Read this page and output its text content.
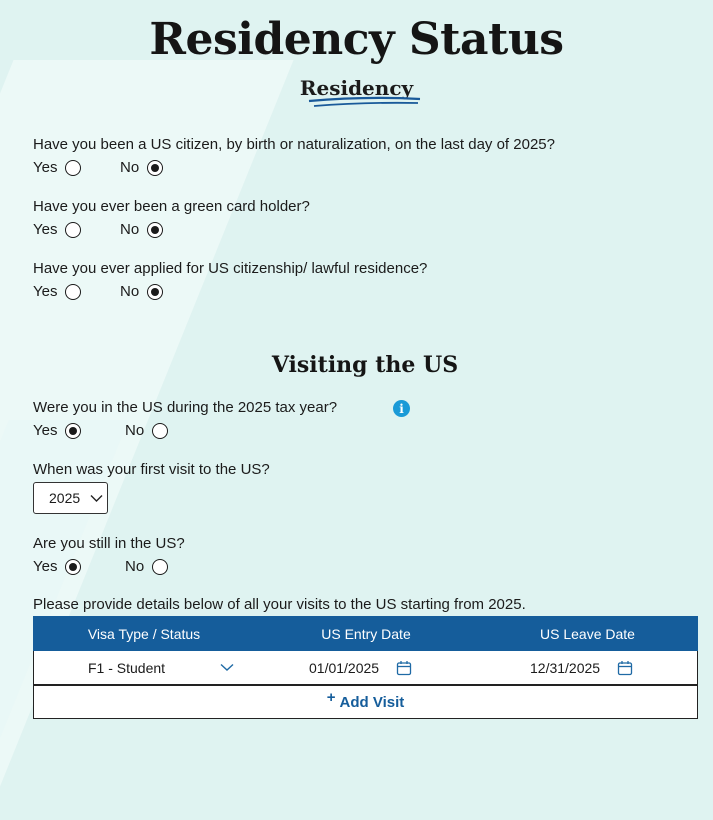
Residency Status
Residency
Have you been a US citizen, by birth or naturalization, on the last day of 2025?
Yes	No
Have you ever been a green card holder?
Yes	No
Have you ever applied for US citizenship/ lawful residence?
Yes	No
Visiting the US
Were you in the US during the 2025 tax year?	i
Yes	No
When was your first visit to the US?
2025
Are you still in the US?
Yes	No
Please provide details below of all your visits to the US starting from 2025.
Visa Type / Status	US Entry Date	US Leave Date
F1 - Student	01/01/2025	12/31/2025
+ Add Visit
